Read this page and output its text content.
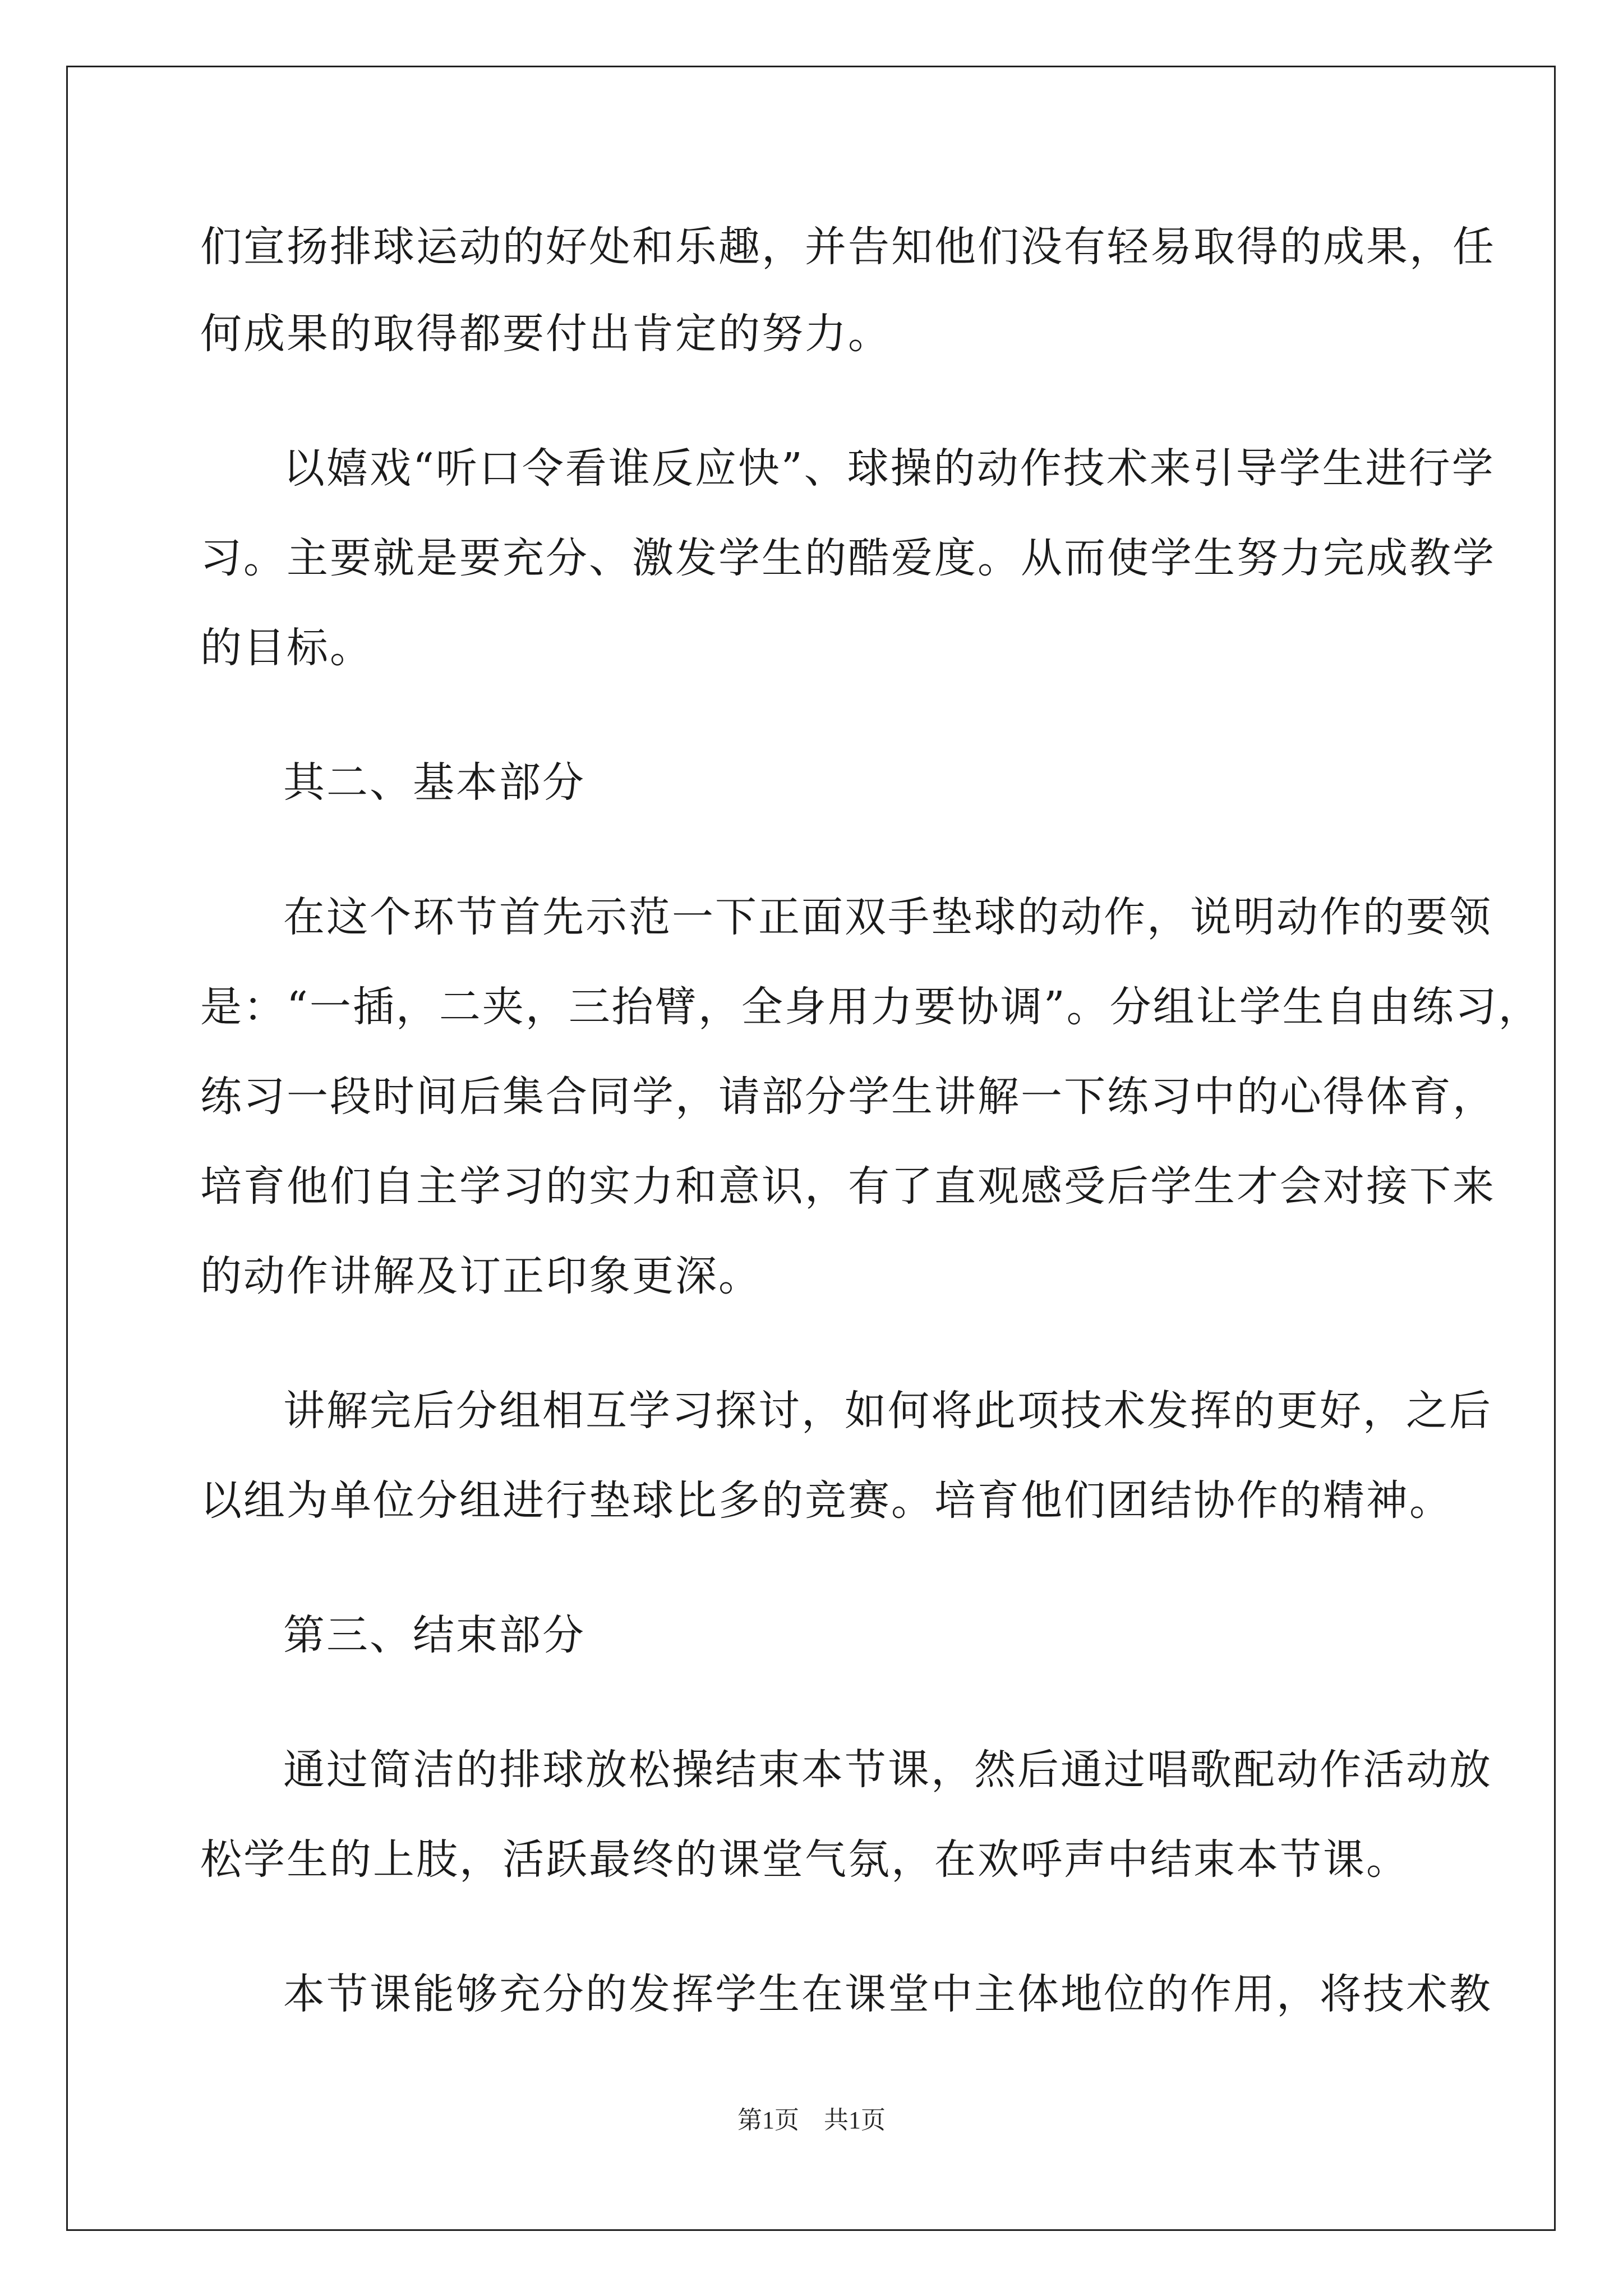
们宣扬排球运动的好处和乐趣，并告知他们没有轻易取得的成果，任
何成果的取得都要付出肯定的努力。
以嬉戏“听口令看谁反应快”、球操的动作技术来引导学生进行学
习。主要就是要充分、激发学生的酷爱度。从而使学生努力完成教学
的目标。
其二、基本部分
在这个环节首先示范一下正面双手垫球的动作，说明动作的要领
是：“一插，二夹，三抬臂，全身用力要协调”。分组让学生自由练习，
练习一段时间后集合同学，请部分学生讲解一下练习中的心得体育，
培育他们自主学习的实力和意识，有了直观感受后学生才会对接下来
的动作讲解及订正印象更深。
讲解完后分组相互学习探讨，如何将此项技术发挥的更好，之后
以组为单位分组进行垫球比多的竞赛。培育他们团结协作的精神。
第三、结束部分
通过简洁的排球放松操结束本节课，然后通过唱歌配动作活动放
松学生的上肢，活跃最终的课堂气氛，在欢呼声中结束本节课。
本节课能够充分的发挥学生在课堂中主体地位的作用，将技术教
第1页　共1页
